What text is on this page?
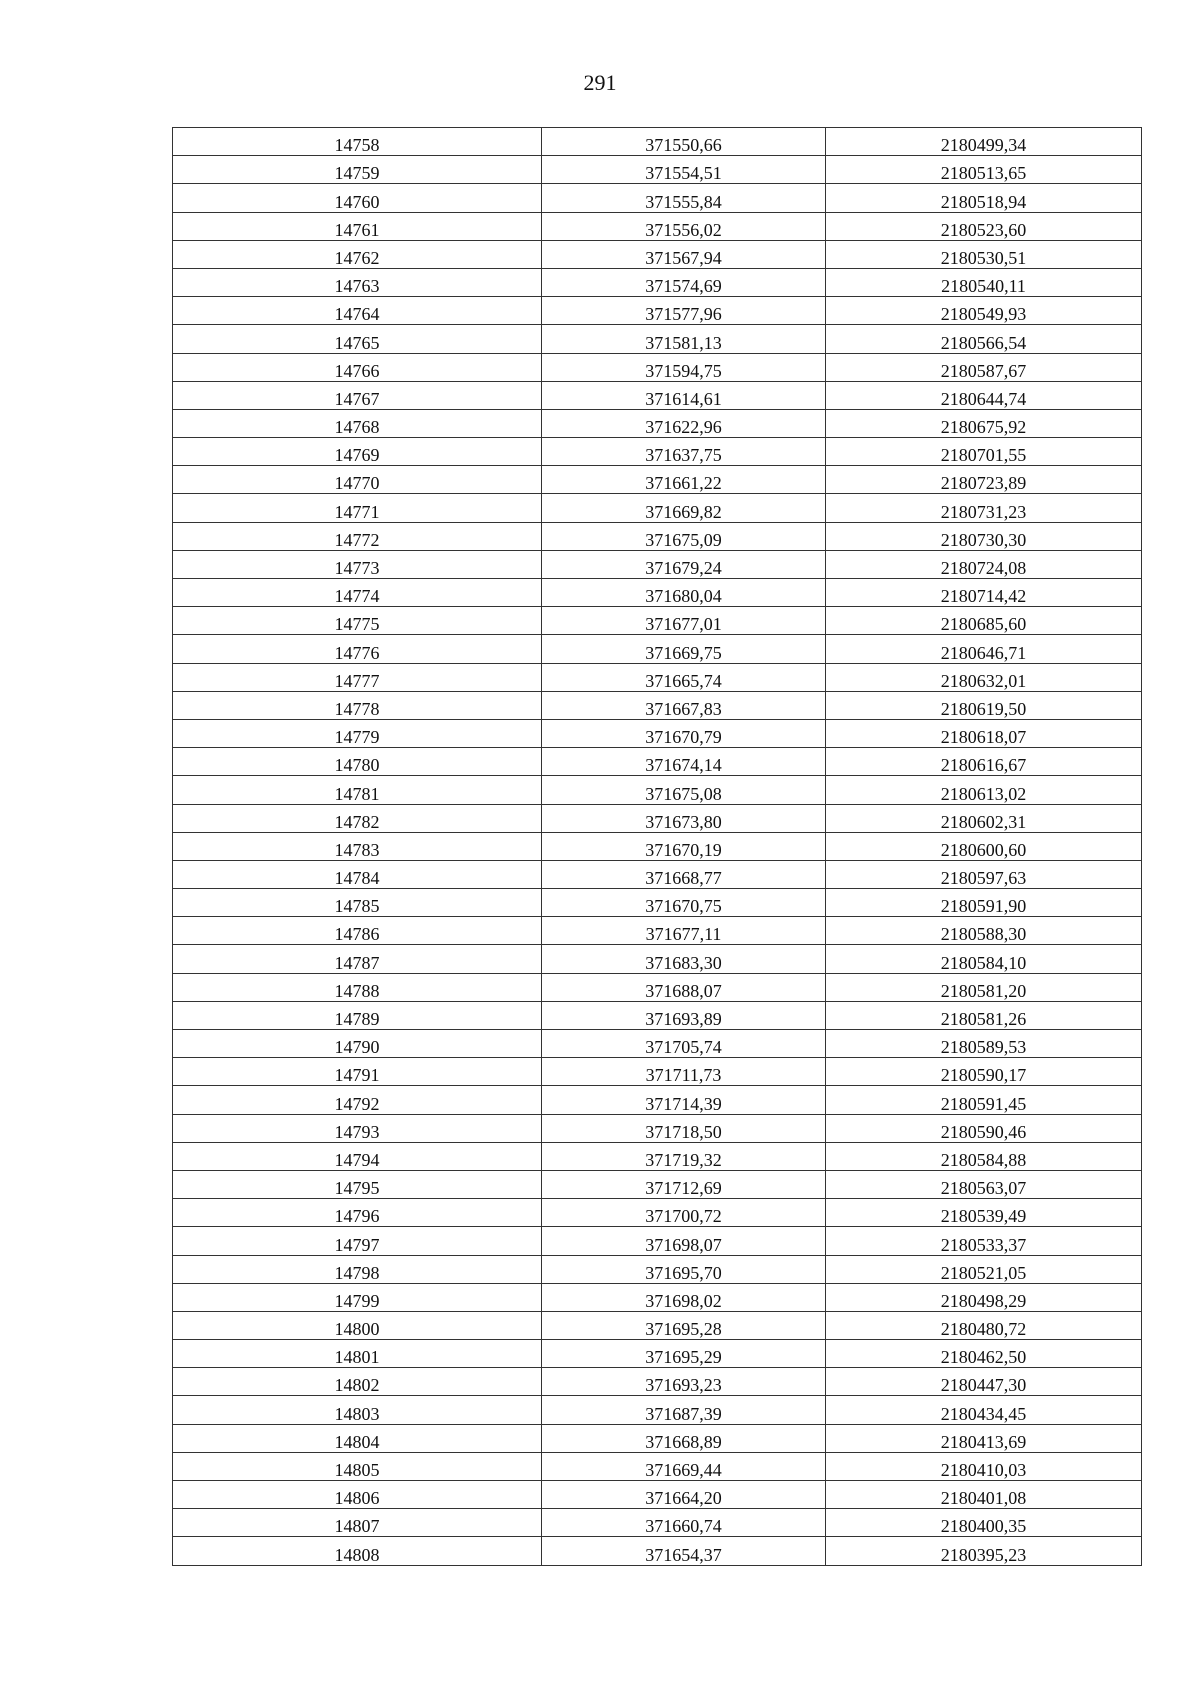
291
14758	371550,66	2180499,34
14759	371554,51	2180513,65
14760	371555,84	2180518,94
14761	371556,02	2180523,60
14762	371567,94	2180530,51
14763	371574,69	2180540,11
14764	371577,96	2180549,93
14765	371581,13	2180566,54
14766	371594,75	2180587,67
14767	371614,61	2180644,74
14768	371622,96	2180675,92
14769	371637,75	2180701,55
14770	371661,22	2180723,89
14771	371669,82	2180731,23
14772	371675,09	2180730,30
14773	371679,24	2180724,08
14774	371680,04	2180714,42
14775	371677,01	2180685,60
14776	371669,75	2180646,71
14777	371665,74	2180632,01
14778	371667,83	2180619,50
14779	371670,79	2180618,07
14780	371674,14	2180616,67
14781	371675,08	2180613,02
14782	371673,80	2180602,31
14783	371670,19	2180600,60
14784	371668,77	2180597,63
14785	371670,75	2180591,90
14786	371677,11	2180588,30
14787	371683,30	2180584,10
14788	371688,07	2180581,20
14789	371693,89	2180581,26
14790	371705,74	2180589,53
14791	371711,73	2180590,17
14792	371714,39	2180591,45
14793	371718,50	2180590,46
14794	371719,32	2180584,88
14795	371712,69	2180563,07
14796	371700,72	2180539,49
14797	371698,07	2180533,37
14798	371695,70	2180521,05
14799	371698,02	2180498,29
14800	371695,28	2180480,72
14801	371695,29	2180462,50
14802	371693,23	2180447,30
14803	371687,39	2180434,45
14804	371668,89	2180413,69
14805	371669,44	2180410,03
14806	371664,20	2180401,08
14807	371660,74	2180400,35
14808	371654,37	2180395,23
